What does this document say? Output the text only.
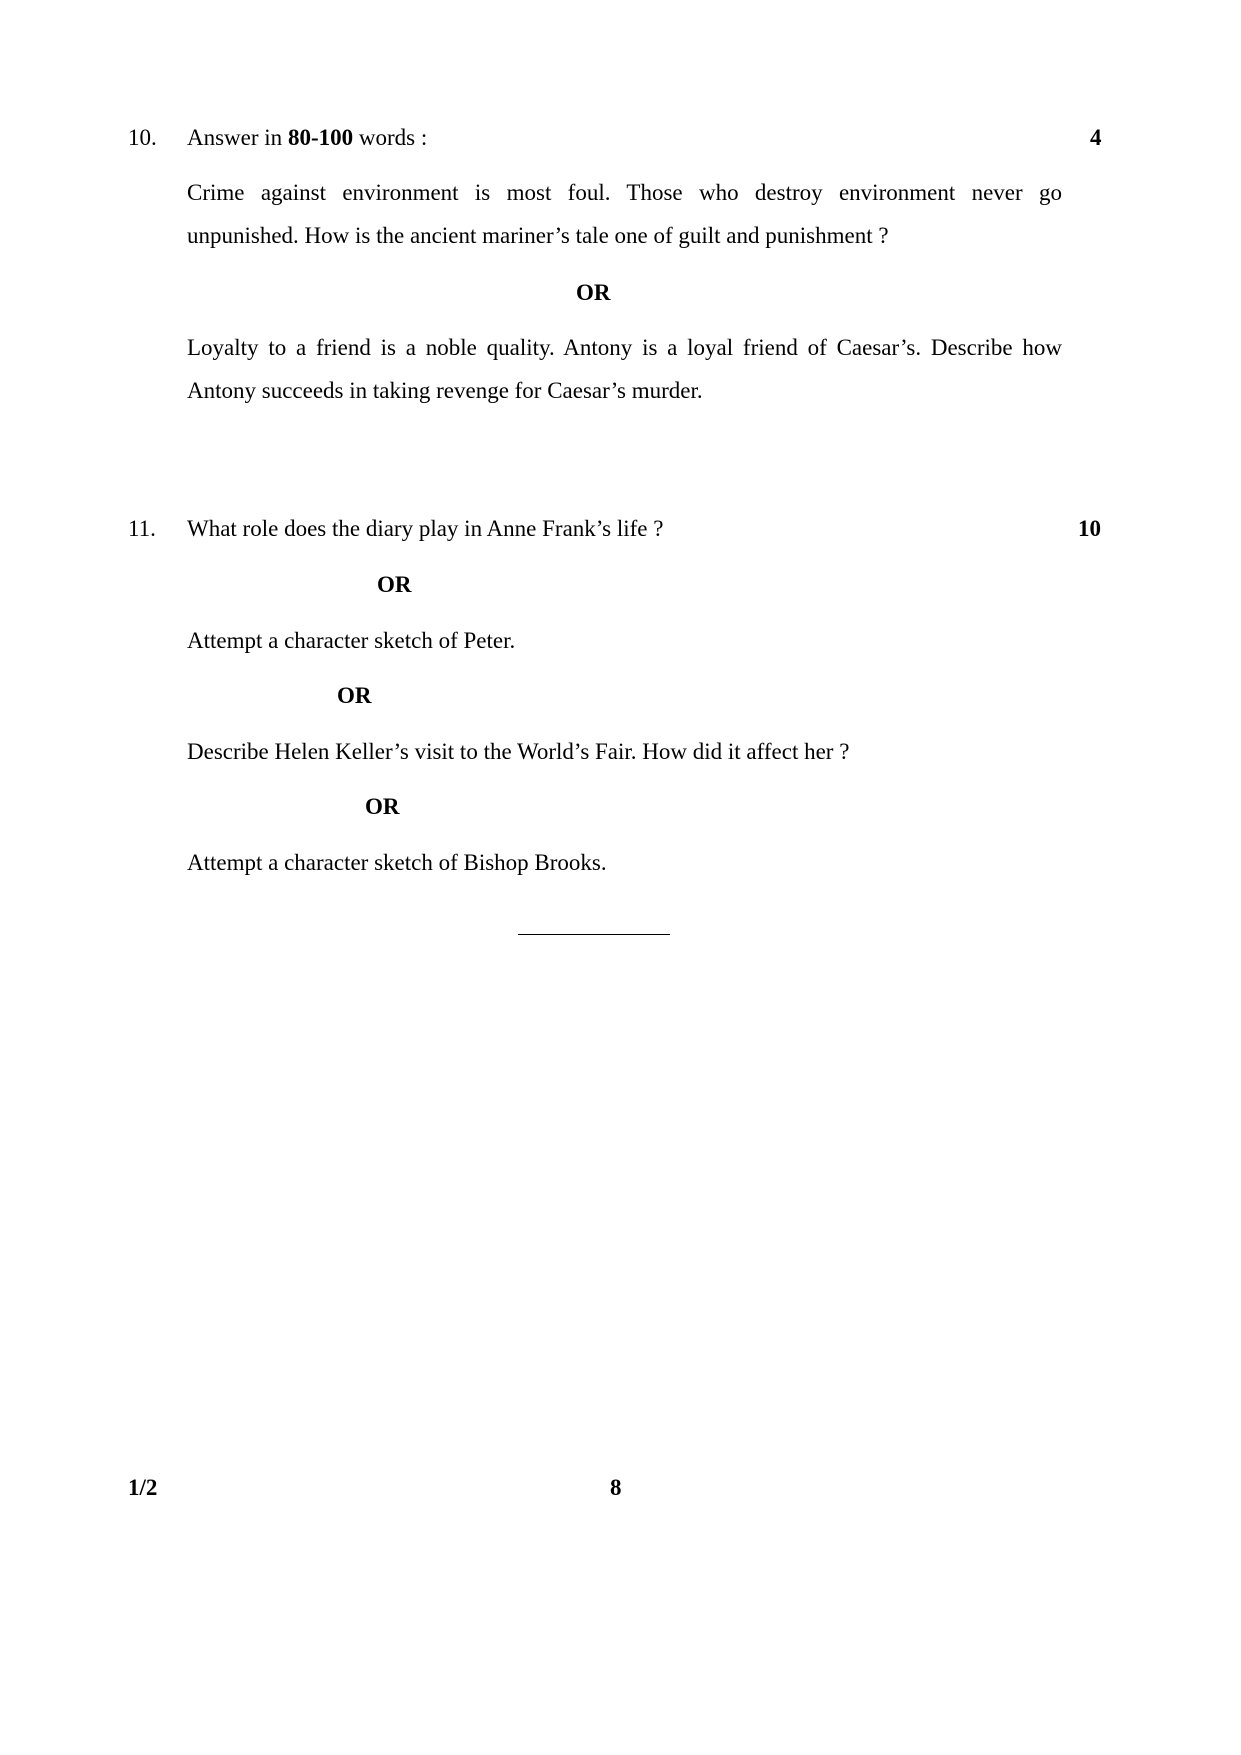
10. Answer in 80-100 words :	4
Crime against environment is most foul. Those who destroy environment never go unpunished. How is the ancient mariner’s tale one of guilt and punishment ?
OR
Loyalty to a friend is a noble quality. Antony is a loyal friend of Caesar’s. Describe how Antony succeeds in taking revenge for Caesar’s murder.
11. What role does the diary play in Anne Frank’s life ?	10
OR
Attempt a character sketch of Peter.
OR
Describe Helen Keller’s visit to the World’s Fair. How did it affect her ?
OR
Attempt a character sketch of Bishop Brooks.
1/2	8
